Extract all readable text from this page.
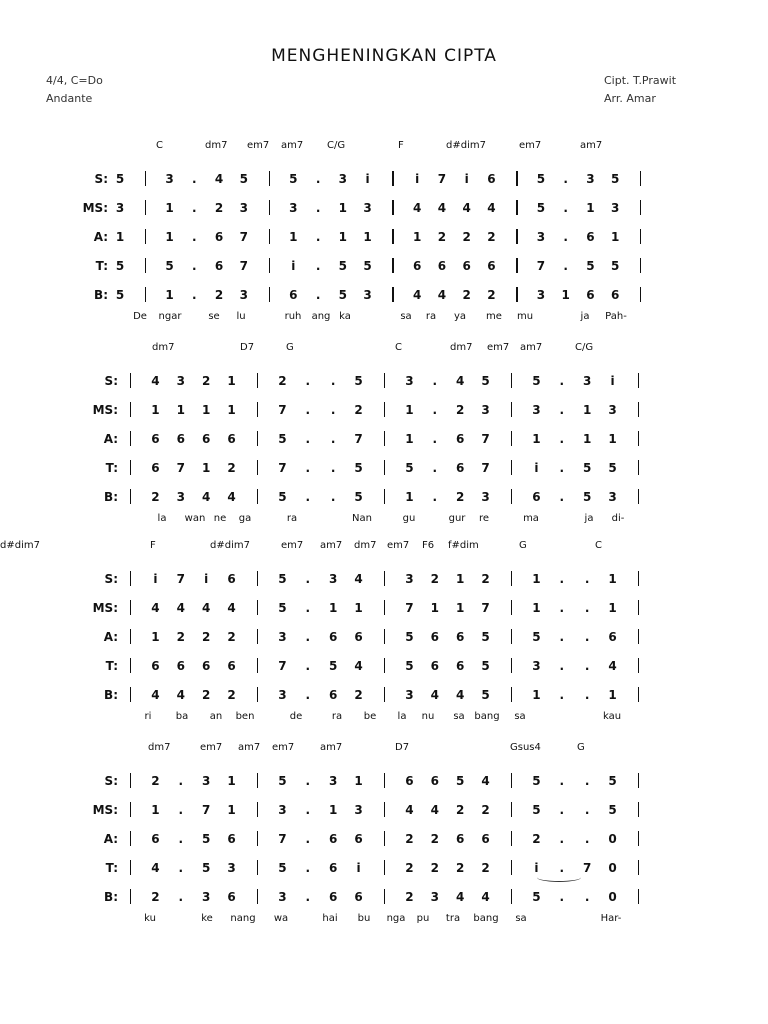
MENGHENINGKAN CIPTA
4/4, C=Do
Andante
Cipt. T.Prawit
Arr. Amar
C	dm7 em7 am7 C/G	F	d#dim7	em7	am7
S: 5	3 . 4 5	5 . 3 i	i 7 i 6	5 . 3 5
MS: 3	1 . 2 3	3 . 1 3	4 4 4 4	5 . 1 3
A: 1	1 . 6 7	1 . 1 1	1 2 2 2	3 . 6 1
T: 5	5 . 6 7	i . 5 5	6 6 6 6	7 . 5 5
B: 5	1 . 2 3	6 . 5 3	4 4 2 2	3 1 6 6
De ngar	se lu	ruh ang ka	sa ra ya me mu	ja Pah-
dm7	D7	G	C	dm7 em7 am7	C/G
S:	4 3 2 1	2 . . 5	3 . 4 5	5 . 3 i
MS:	1 1 1 1	7 . . 2	1 . 2 3	3 . 1 3
A:	6 6 6 6	5 . . 7	1 . 6 7	1 . 1 1
T:	6 7 1 2	7 . . 5	5 . 6 7	i . 5 5
B:	2 3 4 4	5 . . 5	1 . 2 3	6 . 5 3
la wan ne ga	ra	Nan	gu	gur re	ma	ja di-
F	d#dim7	em7 am7 dm7 em7 F6 f#dim	G	C
d#dim7
S:	i 7 i 6	5 . 3 4	3 2 1 2	1 . . 1
MS:	4 4 4 4	5 . 1 1	7 1 1 7	1 . . 1
A:	1 2 2 2	3 . 6 6	5 6 6 5	5 . . 6
T:	6 6 6 6	7 . 5 4	5 6 6 5	3 . . 4
B:	4 4 2 2	3 . 6 2	3 4 4 5	1 . . 1
ri ba an ben	de	ra be la nu sa bang sa	kau
dm7	em7 am7 em7	am7	D7	Gsus4	G
S:	2 . 3 1	5 . 3 1	6 6 5 4	5 . . 5
MS:	1 . 7 1	3 . 1 3	4 4 2 2	5 . . 5
A:	6 . 5 6	7 . 6 6	2 2 6 6	2 . . 0
T:	4 . 5 3	5 . 6 i	2 2 2 2	i . 7 0
B:	2 . 3 6	3 . 6 6	2 3 4 4	5 . . 0
ku	ke nang wa	hai bu nga pu tra bang sa	Har-
